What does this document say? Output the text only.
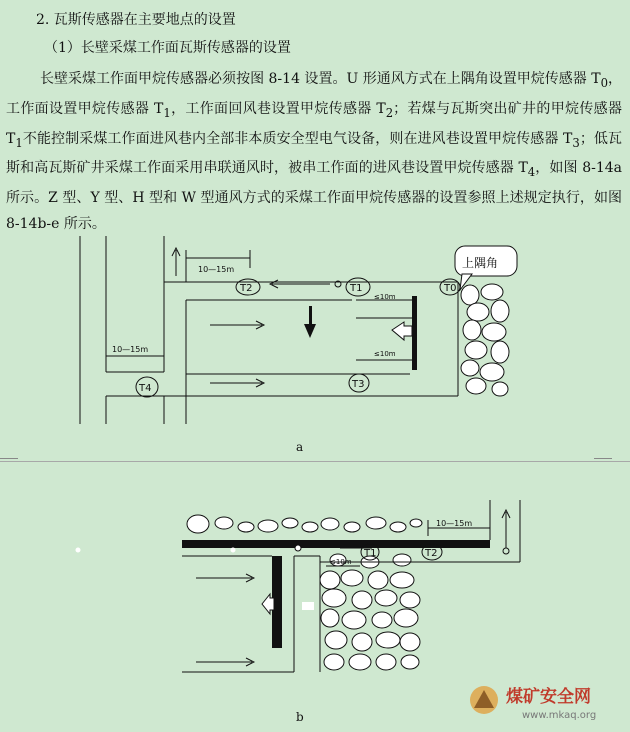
2. 瓦斯传感器在主要地点的设置
（1）长壁采煤工作面瓦斯传感器的设置
长壁采煤工作面甲烷传感器必须按图 8-14 设置。U 形通风方式在上隅角设置甲烷传感器 $T_0$，工作面设置甲烷传感器 $T_1$，工作面回风巷设置甲烷传感器 $T_2$；若煤与瓦斯突出矿井的甲烷传感器 $T_1$不能控制采煤工作面进风巷内全部非本质安全型电气设备，则在进风巷设置甲烷传感器 $T_3$；低瓦斯和高瓦斯矿井采煤工作面采用串联通风时，被串工作面的进风巷设置甲烷传感器 $T_4$，如图 8-14a 所示。Z 型、Y 型、H 型和 W 型通风方式的采煤工作面甲烷传感器的设置参照上述规定执行，如图 8-14b-e 所示。
上隅角
T2	T1	T0
T3
T4
10—15m
10—15m
≤10m
≤10m
a
T1	T2
10—15m
≤10m
b
煤矿安全网
www.mkaq.org
